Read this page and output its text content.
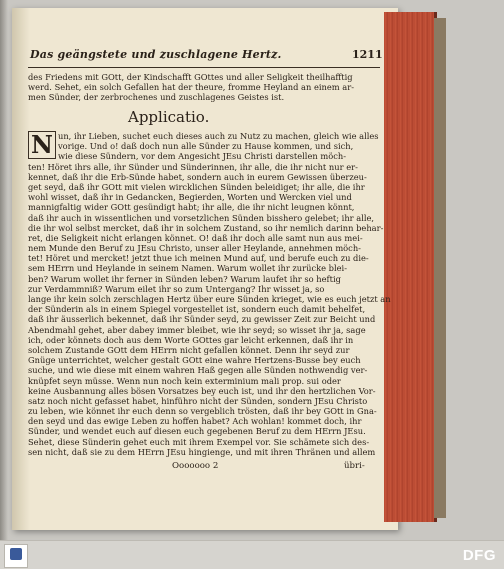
Das geängstete und zuschlagene Hertz.	1211
des Friedens mit GOtt, der Kindschafft GOttes und aller Seligkeit theilhafftig
werd. Sehet, ein solch Gefallen hat der theure, fromme Heyland an einem ar-
men Sünder, der zerbrochenes und zuschlagenes Geistes ist.
Applicatio.
N un, ihr Lieben, suchet euch dieses auch zu Nutz zu machen, gleich wie alles
vorige. Und o! daß doch nun alle Sünder zu Hause kommen, und sich,
wie diese Sündern, vor dem Angesicht JEsu Christi darstellen möch-
ten! Höret ihrs alle, ihr Sünder und Sünderinnen, ihr alle, die ihr nicht nur er-
kennet, daß ihr die Erb-Sünde habet, sondern auch in eurem Gewissen überzeu-
get seyd, daß ihr GOtt mit vielen wircklichen Sünden beleidiget; ihr alle, die ihr
wohl wisset, daß ihr in Gedancken, Begierden, Worten und Wercken viel und
mannigfaltig wider GOtt gesündigt habt; ihr alle, die ihr nicht leugnen könnt,
daß ihr auch in wissentlichen und vorsetzlichen Sünden bisshero gelebet; ihr alle,
die ihr wol selbst mercket, daß ihr in solchem Zustand, so ihr nemlich darinn behar-
ret, die Seligkeit nicht erlangen könnet. O! daß ihr doch alle samt nun aus mei-
nem Munde den Beruf zu JEsu Christo, unser aller Heylande, annehmen möch-
tet! Höret und mercket! jetzt thue ich meinen Mund auf, und berufe euch zu die-
sem HErrn und Heylande in seinem Namen. Warum wollet ihr zurücke blei-
ben? Warum wollet ihr ferner in Sünden leben? Warum laufet ihr so heftig
zur Verdammniß? Warum eilet ihr so zum Untergang? Ihr wisset ja, so
lange ihr kein solch zerschlagen Hertz über eure Sünden krieget, wie es euch jetzt an
der Sünderin als in einem Spiegel vorgestellet ist, sondern euch damit behelfet,
daß ihr äusserlich bekennet, daß ihr Sünder seyd, zu gewisser Zeit zur Beicht und
Abendmahl gehet, aber dabey immer bleibet, wie ihr seyd; so wisset ihr ja, sage
ich, oder könnets doch aus dem Worte GOttes gar leicht erkennen, daß ihr in
solchem Zustande GOtt dem HErrn nicht gefallen könnet. Denn ihr seyd zur
Gnüge unterrichtet, welcher gestalt GOtt eine wahre Hertzens-Busse bey euch
suche, und wie diese mit einem wahren Haß gegen alle Sünden nothwendig ver-
knüpfet seyn müsse. Wenn nun noch kein exterminium mali prop. sui oder
keine Ausbannung alles bösen Vorsatzes bey euch ist, und ihr den hertzlichen Vor-
satz noch nicht gefasset habet, hinführo nicht der Sünden, sondern JEsu Christo
zu leben, wie könnet ihr euch denn so vergeblich trösten, daß ihr bey GOtt in Gna-
den seyd und das ewige Leben zu hoffen habet? Ach wohlan! kommet doch, ihr
Sünder, und wendet euch auf diesen euch gegebenen Beruf zu dem HErrn JEsu.
Sehet, diese Sünderin gehet euch mit ihrem Exempel vor. Sie schämete sich des-
sen nicht, daß sie zu dem HErrn JEsu hingienge, und mit ihren Thränen und allem
Ooooooo 2	übri-
DFG
